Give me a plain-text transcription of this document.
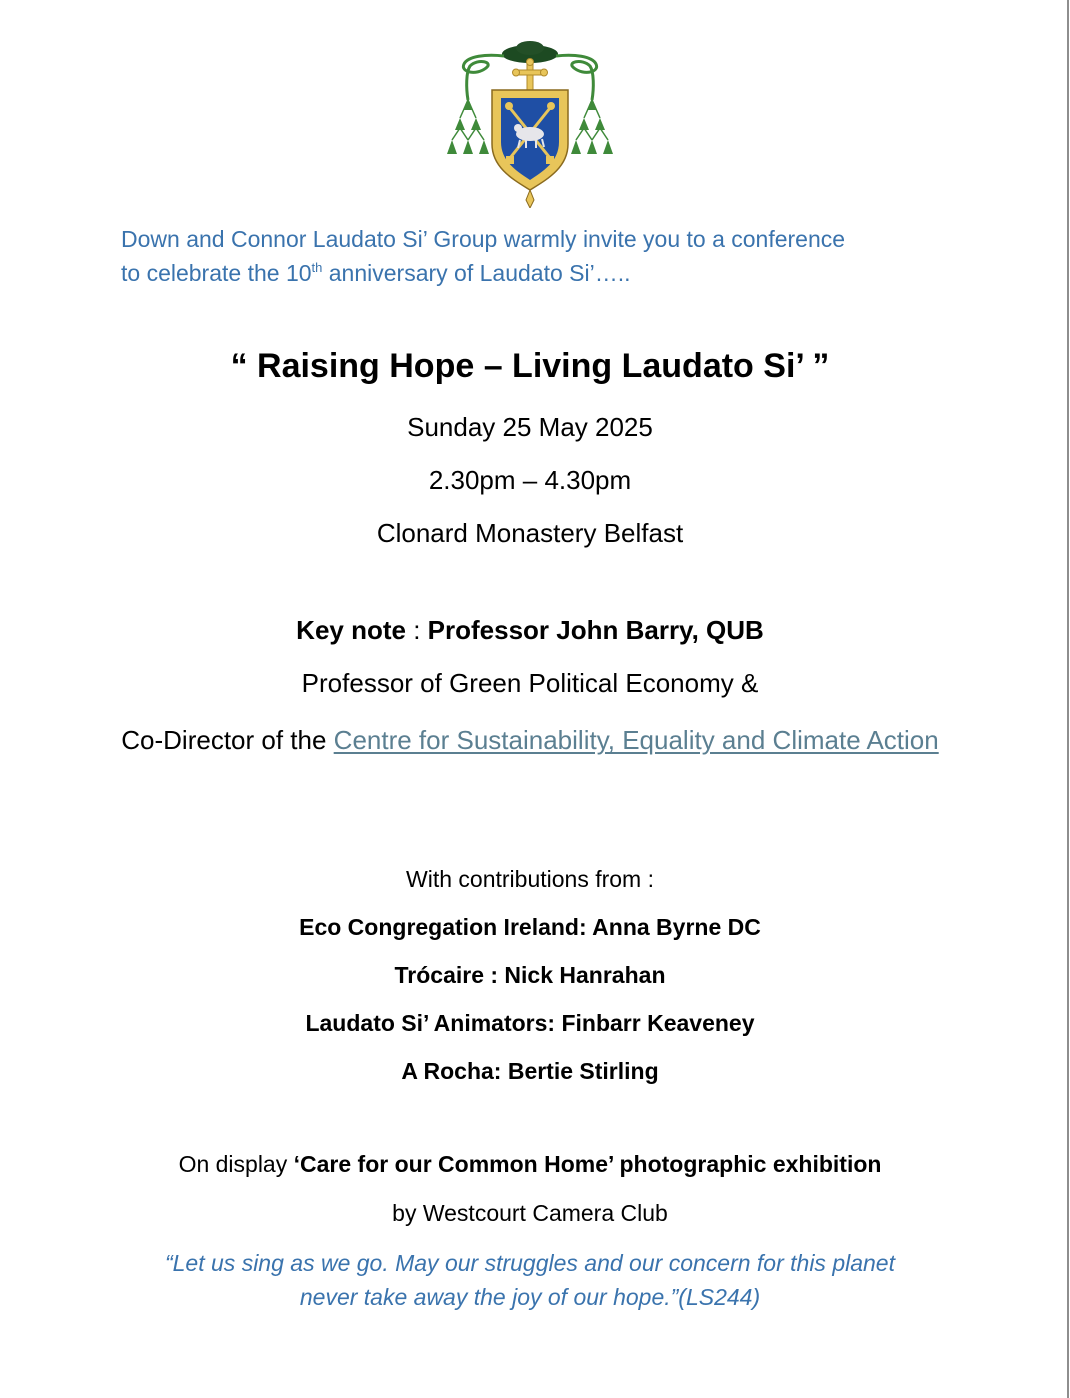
Down and Connor Laudato Si’ Group warmly invite you to a conference
to celebrate the 10th anniversary of Laudato Si’…..
“ Raising Hope – Living Laudato Si’ ”
Sunday 25 May 2025
2.30pm – 4.30pm
Clonard Monastery Belfast
Key note : Professor John Barry, QUB
Professor of Green Political Economy &
Co-Director of the Centre for Sustainability, Equality and Climate Action
With contributions from :
Eco Congregation Ireland: Anna Byrne DC
Trócaire : Nick Hanrahan
Laudato Si’ Animators: Finbarr Keaveney
A Rocha: Bertie Stirling
On display ‘Care for our Common Home’ photographic exhibition
by Westcourt Camera Club
“Let us sing as we go. May our struggles and our concern for this planet
never take away the joy of our hope.”(LS244)
